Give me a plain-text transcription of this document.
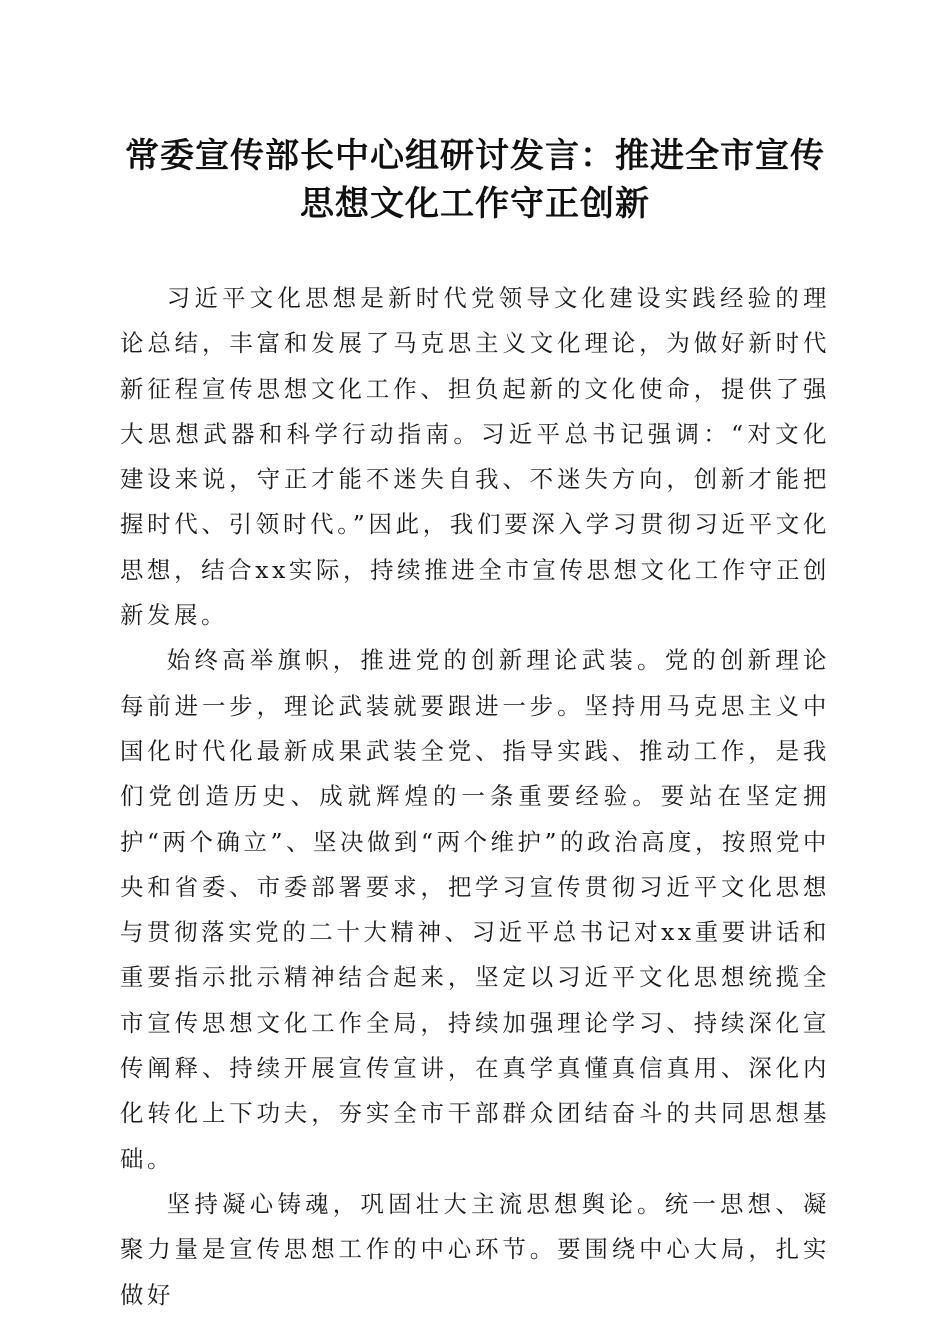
常委宣传部长中心组研讨发言：推进全市宣传
思想文化工作守正创新

习近平文化思想是新时代党领导文化建设实践经验的理论总结，丰富和发展了马克思主义文化理论，为做好新时代新征程宣传思想文化工作、担负起新的文化使命，提供了强大思想武器和科学行动指南。习近平总书记强调：“对文化建设来说，守正才能不迷失自我、不迷失方向，创新才能把握时代、引领时代。”因此，我们要深入学习贯彻习近平文化思想，结合xx实际，持续推进全市宣传思想文化工作守正创新发展。

始终高举旗帜，推进党的创新理论武装。党的创新理论每前进一步，理论武装就要跟进一步。坚持用马克思主义中国化时代化最新成果武装全党、指导实践、推动工作，是我们党创造历史、成就辉煌的一条重要经验。要站在坚定拥护“两个确立”、坚决做到“两个维护”的政治高度，按照党中央和省委、市委部署要求，把学习宣传贯彻习近平文化思想与贯彻落实党的二十大精神、习近平总书记对xx重要讲话和重要指示批示精神结合起来，坚定以习近平文化思想统揽全市宣传思想文化工作全局，持续加强理论学习、持续深化宣传阐释、持续开展宣传宣讲，在真学真懂真信真用、深化内化转化上下功夫，夯实全市干部群众团结奋斗的共同思想基础。

坚持凝心铸魂，巩固壮大主流思想舆论。统一思想、凝聚力量是宣传思想工作的中心环节。要围绕中心大局，扎实做好
